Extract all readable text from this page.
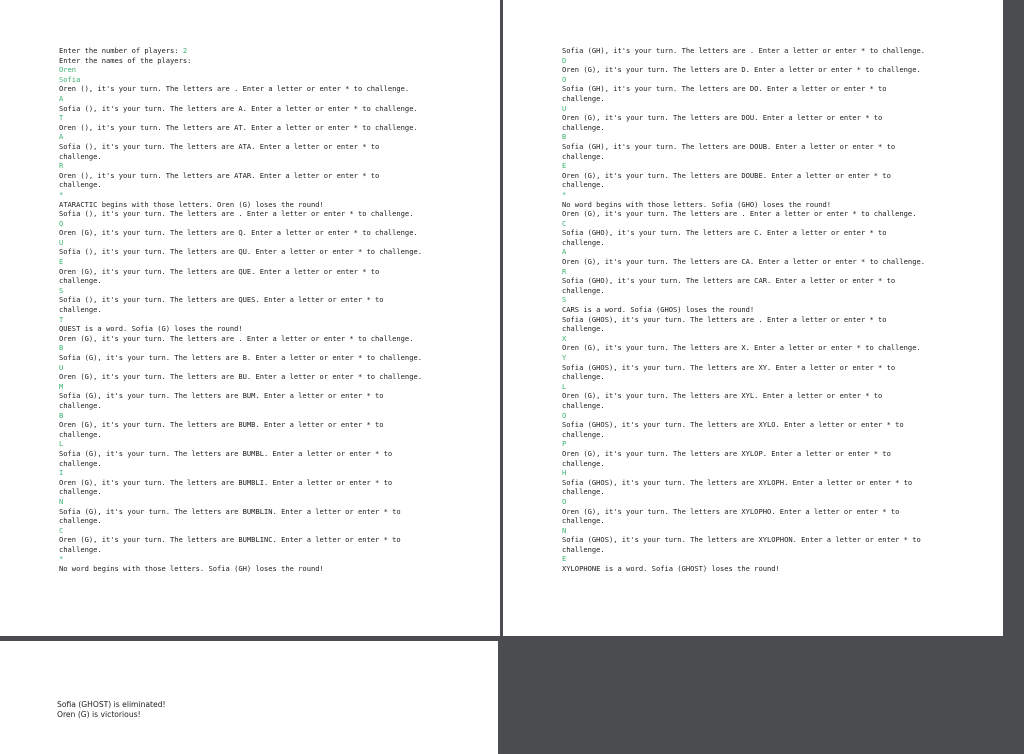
Enter the number of players: 2
Enter the names of the players:
Oren
Sofia
Oren (), it's your turn. The letters are . Enter a letter or enter * to challenge.
A
Sofia (), it's your turn. The letters are A. Enter a letter or enter * to challenge.
T
Oren (), it's your turn. The letters are AT. Enter a letter or enter * to challenge.
A
Sofia (), it's your turn. The letters are ATA. Enter a letter or enter * to
challenge.
R
Oren (), it's your turn. The letters are ATAR. Enter a letter or enter * to
challenge.
*
ATARACTIC begins with those letters. Oren (G) loses the round!
Sofia (), it's your turn. The letters are . Enter a letter or enter * to challenge.
Q
Oren (G), it's your turn. The letters are Q. Enter a letter or enter * to challenge.
U
Sofia (), it's your turn. The letters are QU. Enter a letter or enter * to challenge.
E
Oren (G), it's your turn. The letters are QUE. Enter a letter or enter * to
challenge.
S
Sofia (), it's your turn. The letters are QUES. Enter a letter or enter * to
challenge.
T
QUEST is a word. Sofia (G) loses the round!
Oren (G), it's your turn. The letters are . Enter a letter or enter * to challenge.
B
Sofia (G), it's your turn. The letters are B. Enter a letter or enter * to challenge.
U
Oren (G), it's your turn. The letters are BU. Enter a letter or enter * to challenge.
M
Sofia (G), it's your turn. The letters are BUM. Enter a letter or enter * to
challenge.
B
Oren (G), it's your turn. The letters are BUMB. Enter a letter or enter * to
challenge.
L
Sofia (G), it's your turn. The letters are BUMBL. Enter a letter or enter * to
challenge.
I
Oren (G), it's your turn. The letters are BUMBLI. Enter a letter or enter * to
challenge.
N
Sofia (G), it's your turn. The letters are BUMBLIN. Enter a letter or enter * to
challenge.
C
Oren (G), it's your turn. The letters are BUMBLINC. Enter a letter or enter * to
challenge.
*
No word begins with those letters. Sofia (GH) loses the round!
Sofia (GH), it's your turn. The letters are . Enter a letter or enter * to challenge.
D
Oren (G), it's your turn. The letters are D. Enter a letter or enter * to challenge.
O
Sofia (GH), it's your turn. The letters are DO. Enter a letter or enter * to
challenge.
U
Oren (G), it's your turn. The letters are DOU. Enter a letter or enter * to
challenge.
B
Sofia (GH), it's your turn. The letters are DOUB. Enter a letter or enter * to
challenge.
E
Oren (G), it's your turn. The letters are DOUBE. Enter a letter or enter * to
challenge.
*
No word begins with those letters. Sofia (GHO) loses the round!
Oren (G), it's your turn. The letters are . Enter a letter or enter * to challenge.
C
Sofia (GHO), it's your turn. The letters are C. Enter a letter or enter * to
challenge.
A
Oren (G), it's your turn. The letters are CA. Enter a letter or enter * to challenge.
R
Sofia (GHO), it's your turn. The letters are CAR. Enter a letter or enter * to
challenge.
S
CARS is a word. Sofia (GHOS) loses the round!
Sofia (GHOS), it's your turn. The letters are . Enter a letter or enter * to
challenge.
X
Oren (G), it's your turn. The letters are X. Enter a letter or enter * to challenge.
Y
Sofia (GHOS), it's your turn. The letters are XY. Enter a letter or enter * to
challenge.
L
Oren (G), it's your turn. The letters are XYL. Enter a letter or enter * to
challenge.
O
Sofia (GHOS), it's your turn. The letters are XYLO. Enter a letter or enter * to
challenge.
P
Oren (G), it's your turn. The letters are XYLOP. Enter a letter or enter * to
challenge.
H
Sofia (GHOS), it's your turn. The letters are XYLOPH. Enter a letter or enter * to
challenge.
O
Oren (G), it's your turn. The letters are XYLOPHO. Enter a letter or enter * to
challenge.
N
Sofia (GHOS), it's your turn. The letters are XYLOPHON. Enter a letter or enter * to
challenge.
E
XYLOPHONE is a word. Sofia (GHOST) loses the round!
Sofia (GHOST) is eliminated!
Oren (G) is victorious!
